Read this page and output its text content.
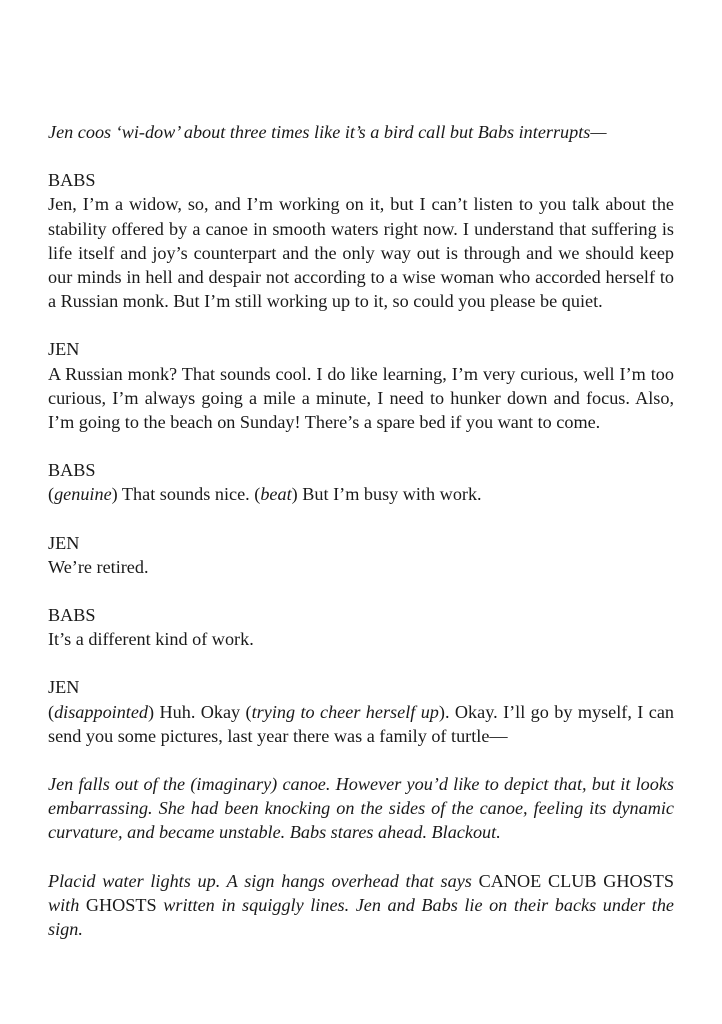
Jen coos ‘wi-dow’ about three times like it’s a bird call but Babs interrupts—

BABS
Jen, I’m a widow, so, and I’m working on it, but I can’t listen to you talk about the stability offered by a canoe in smooth waters right now. I understand that suffering is life itself and joy’s counterpart and the only way out is through and we should keep our minds in hell and despair not according to a wise woman who accorded herself to a Russian monk. But I’m still working up to it, so could you please be quiet.
JEN
A Russian monk? That sounds cool. I do like learning, I’m very curious, well I’m too curious, I’m always going a mile a minute, I need to hunker down and focus. Also, I’m going to the beach on Sunday! There’s a spare bed if you want to come.
BABS
(genuine) That sounds nice. (beat) But I’m busy with work.
JEN
We’re retired.
BABS
It’s a different kind of work.
JEN
(disappointed) Huh. Okay (trying to cheer herself up). Okay. I’ll go by myself, I can send you some pictures, last year there was a family of turtle—

Jen falls out of the (imaginary) canoe. However you’d like to depict that, but it looks embarrassing. She had been knocking on the sides of the canoe, feeling its dynamic curvature, and became unstable. Babs stares ahead. Blackout.

Placid water lights up. A sign hangs overhead that says CANOE CLUB GHOSTS with GHOSTS written in squiggly lines. Jen and Babs lie on their backs under the sign.
